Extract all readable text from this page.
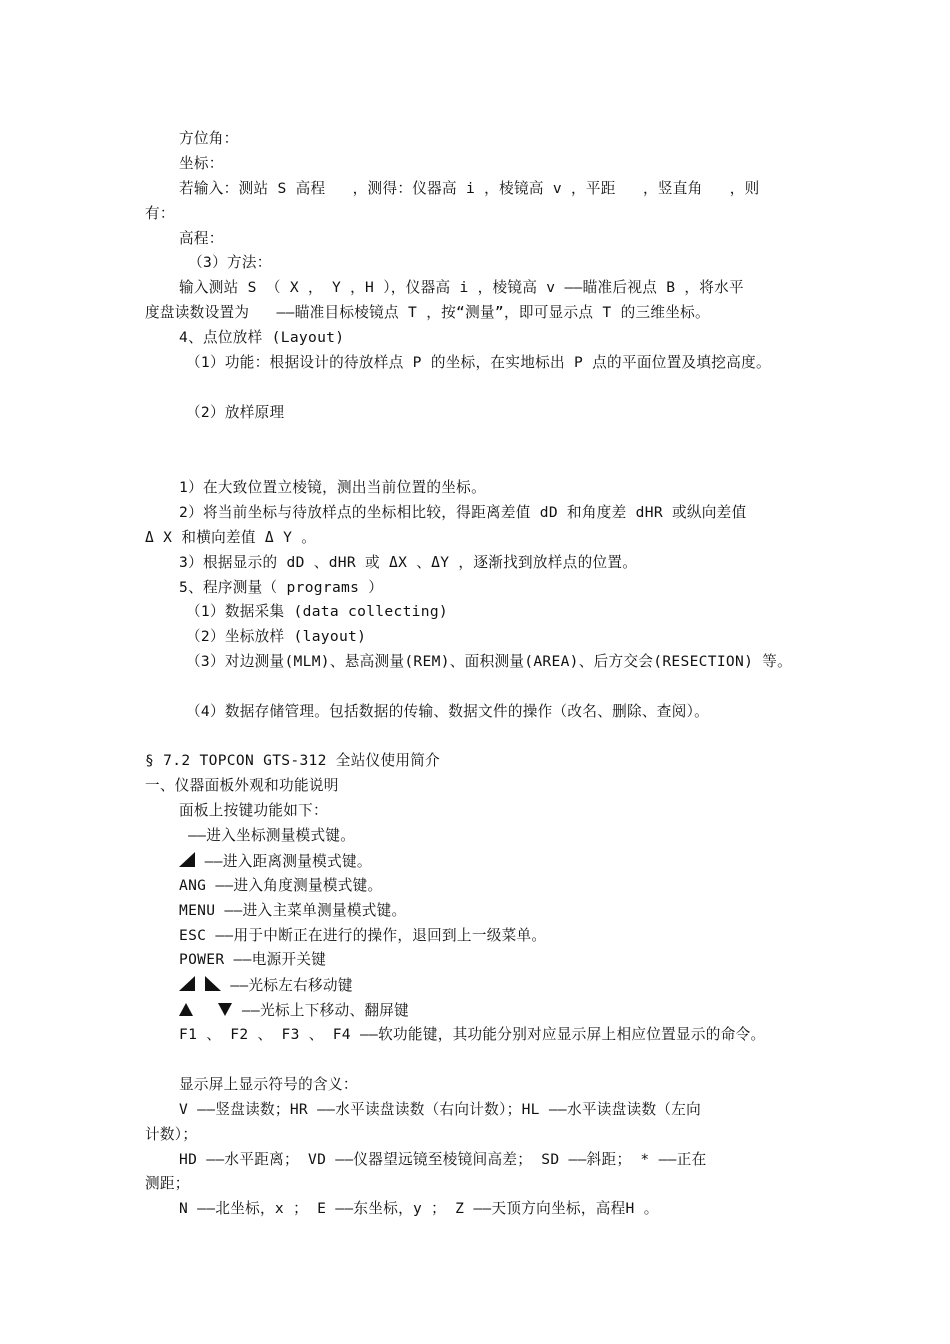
方位角：
坐标：
若输入：测站 S 高程   ，测得：仪器高 i ，棱镜高 v ，平距   ，竖直角   ，则
有：
高程：
（3）方法：
输入测站 S （ X ， Y ，H ），仪器高 i ，棱镜高 v ——瞄准后视点 B ，将水平
度盘读数设置为   ——瞄准目标棱镜点 T ，按“测量”，即可显示点 T 的三维坐标。
4、点位放样 (Layout)
（1）功能：根据设计的待放样点 P 的坐标，在实地标出 P 点的平面位置及填挖高度。
（2）放样原理
1）在大致位置立棱镜，测出当前位置的坐标。
2）将当前坐标与待放样点的坐标相比较，得距离差值 dD 和角度差 dHR 或纵向差值
Δ X 和横向差值 Δ Y 。
3）根据显示的 dD 、dHR 或 ΔX 、ΔY ，逐渐找到放样点的位置。
5、程序测量（ programs ）
（1）数据采集 (data collecting)
（2）坐标放样 (layout)
（3）对边测量(MLM)、悬高测量(REM)、面积测量(AREA)、后方交会(RESECTION) 等。
（4）数据存储管理。包括数据的传输、数据文件的操作（改名、删除、查阅）。
§ 7.2 TOPCON GTS-312 全站仪使用简介
一、仪器面板外观和功能说明
面板上按键功能如下：
——进入坐标测量模式键。
——进入距离测量模式键。
ANG ——进入角度测量模式键。
MENU ——进入主菜单测量模式键。
ESC ——用于中断正在进行的操作，退回到上一级菜单。
POWER ——电源开关键
——光标左右移动键
——光标上下移动、翻屏键
F1 、 F2 、 F3 、 F4 ——软功能键，其功能分别对应显示屏上相应位置显示的命令。
显示屏上显示符号的含义：
V ——竖盘读数；HR ——水平读盘读数（右向计数）；HL ——水平读盘读数（左向
计数）；
HD ——水平距离； VD ——仪器望远镜至棱镜间高差； SD ——斜距； * ——正在
测距；
N ——北坐标，x ； E ——东坐标，y ； Z ——天顶方向坐标，高程H 。
